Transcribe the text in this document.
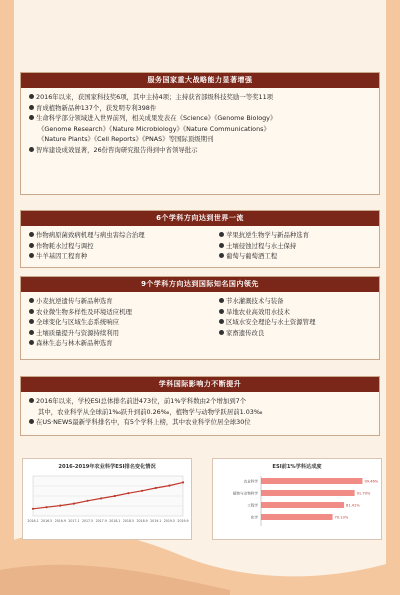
服务国家重大战略能力显著增强
2016年以来，获国家科技奖6项，其中主持4项；主持获省部级科技奖励一等奖11项
育成植物新品种137个，获发明专利398件
生命科学部分领域进入世界前列，相关成果发表在《Science》《Genome Biology》
《Genome Research》《Nature Microbiology》《Nature Communications》
《Nature Plants》《Cell Reports》《PNAS》等国际顶级期刊
智库建设成效显著，26份咨询研究报告得到中省领导批示
6个学科方向达到世界一流
作物病原菌致病机理与病虫害综合治理	苹果抗逆生物学与新品种选育
作物耗水过程与调控	土壤侵蚀过程与水土保持
牛羊基因工程育种	葡萄与葡萄酒工程
9个学科方向达到国际知名国内领先
小麦抗逆遗传与新品种选育	节水灌溉技术与装备
农业微生物多样性及环境适应机理	旱地农业高效用水技术
全球变化与区域生态系统响应	区域水安全理论与水土资源管理
土壤质量提升与资源持续利用	家畜遗传改良
森林生态与林木新品种选育
学科国际影响力不断提升
2016年以来，学校ESI总体排名前进473位，前1%学科数由2个增加到7个
其中，农业科学从全球前1‰跃升到前0.26‰，植物学与动物学跃居前1.03‰
在US·NEWS最新学科排名中，有5个学科上榜，其中农业科学位居全球30位
2016-2019年农业科学ESI排名变化情况
2016.1 2016.5 2016.9 2017.1 2017.5 2017.9 2018.1 2018.5 2018.9 2019.1 2019.5 2019.9
ESI前1%学科达成度
农业科学	99.46%
植物与动物科学	91.79%
工程学	81.41%
化学	70.13%
